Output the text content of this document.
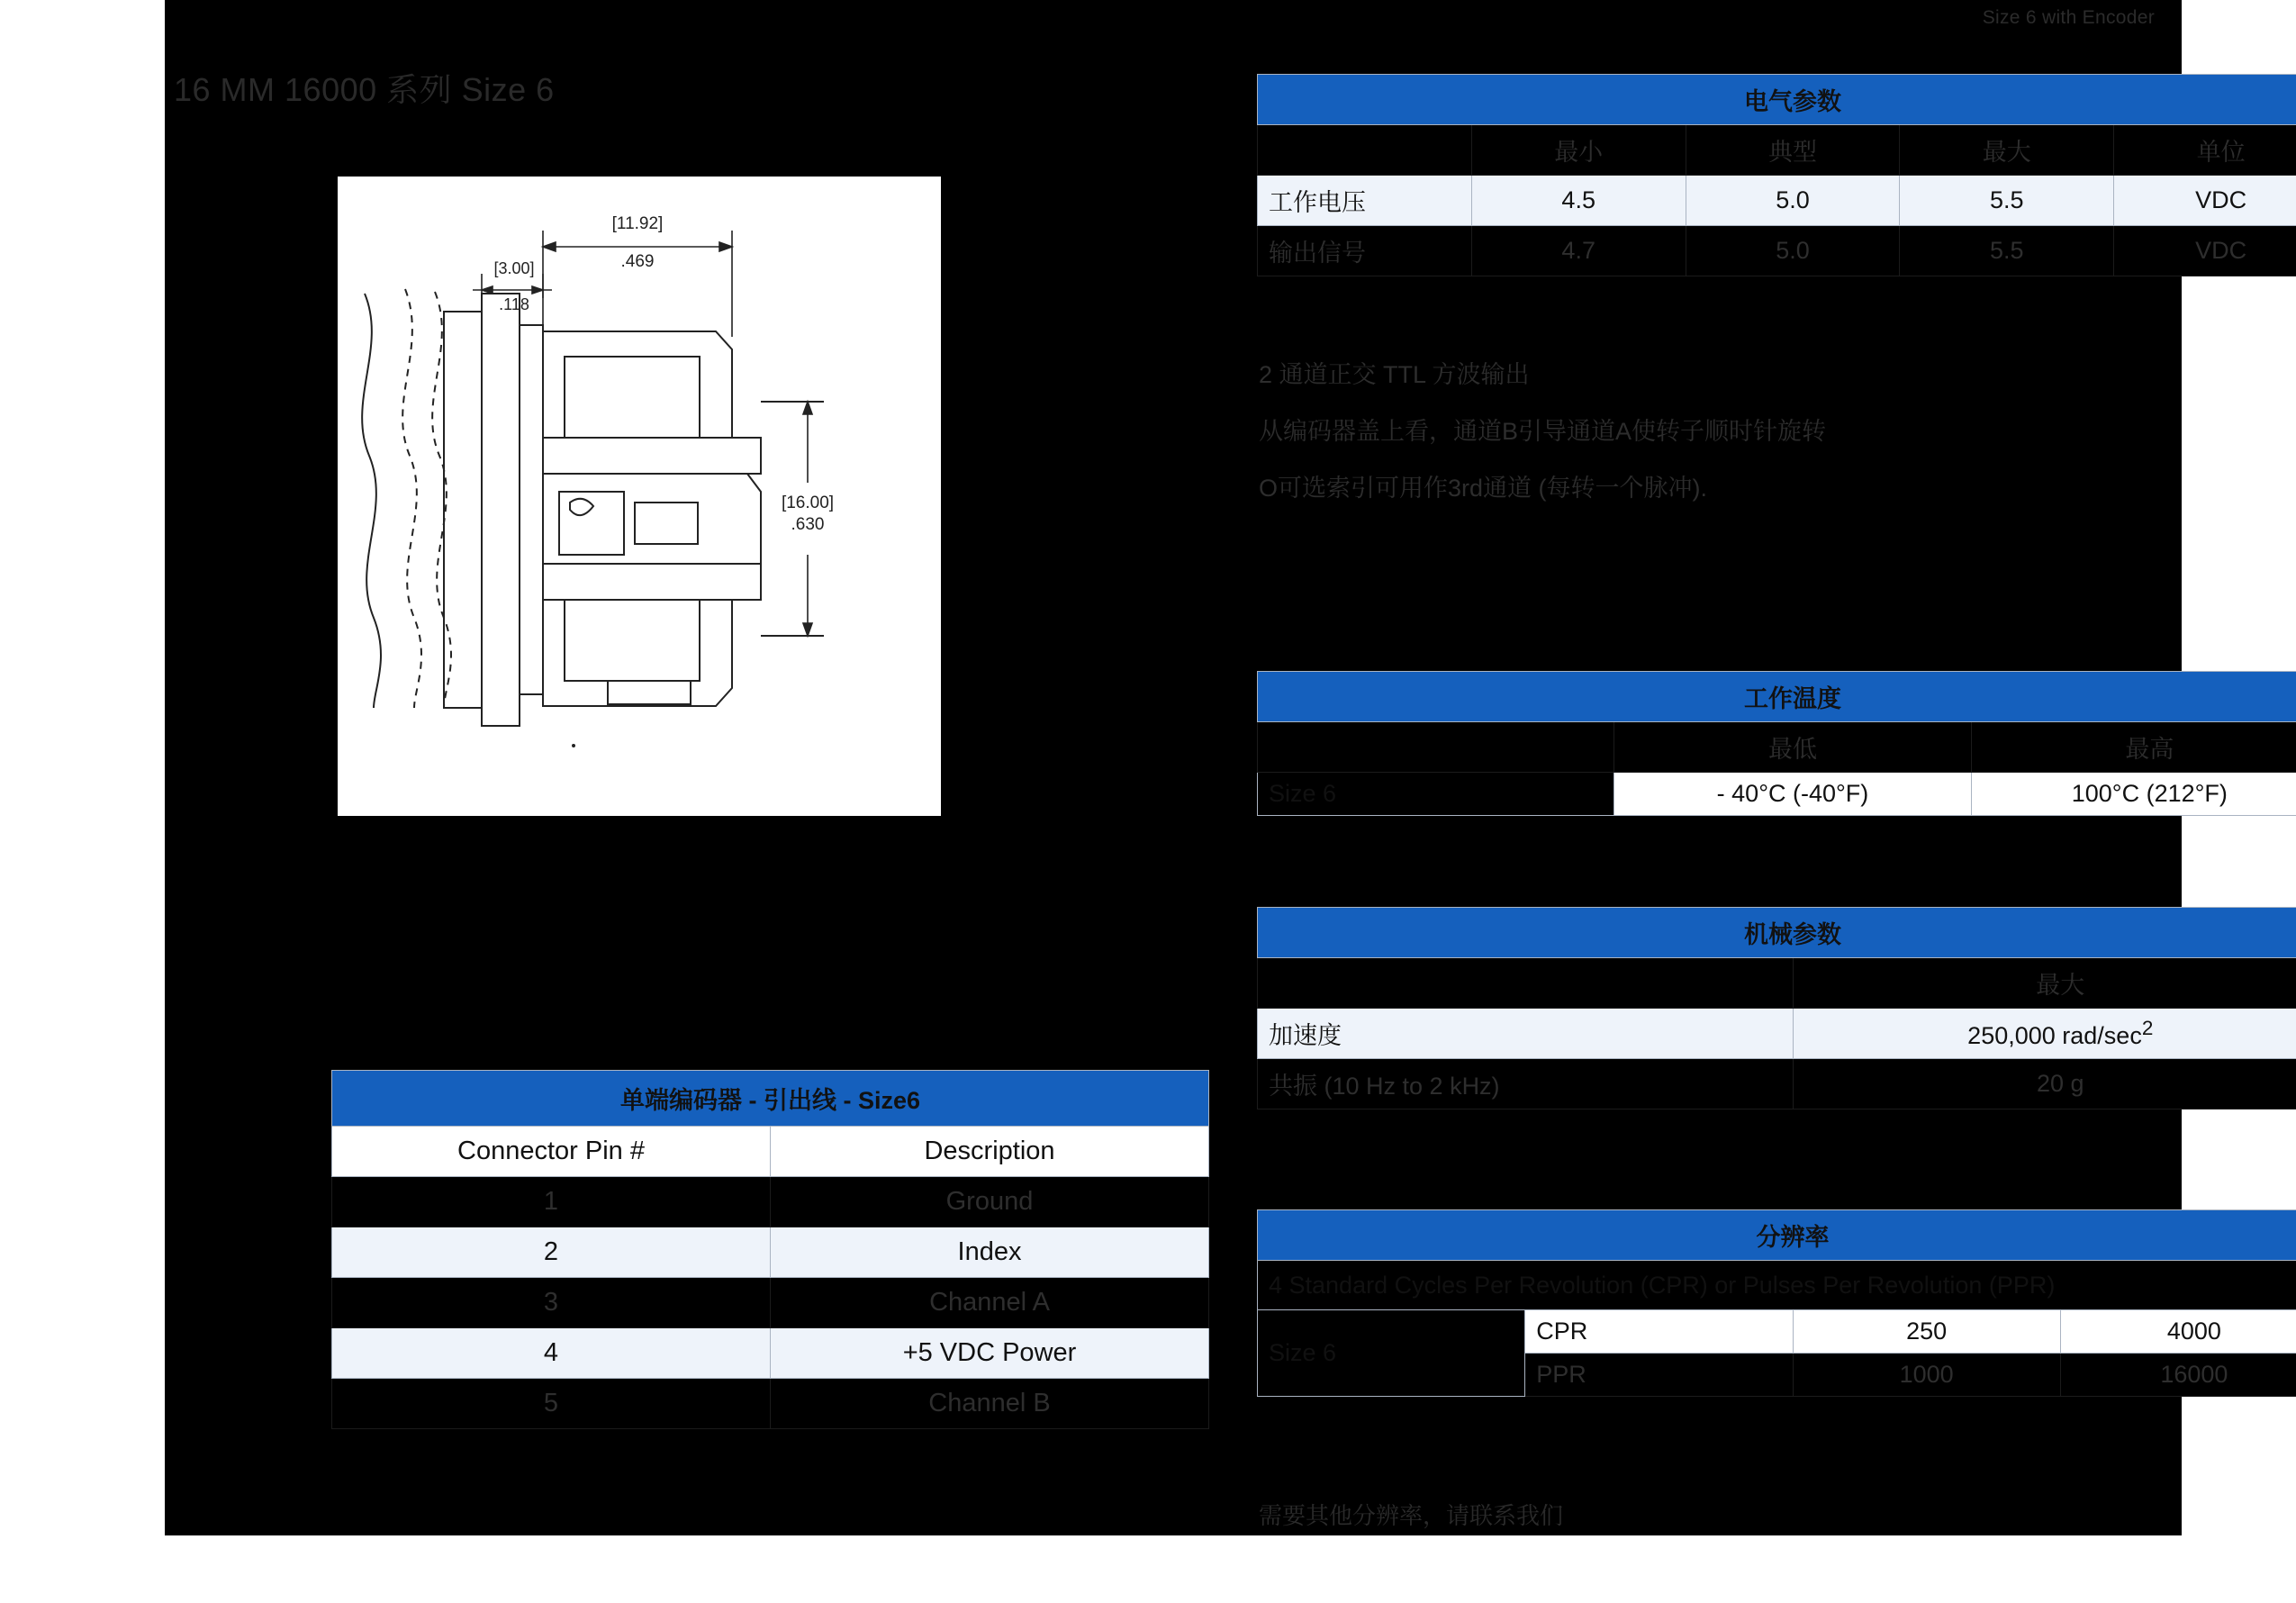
Size 6 with Encoder
16 MM 16000 系列 Size 6
[11.92]
.469
[3.00]
.118
[16.00]
.630
电气参数				
	最小	典型	最大	单位
工作电压	4.5	5.0	5.5	VDC
输出信号	4.7	5.0	5.5	VDC
2 通道正交 TTL 方波输出
从编码器盖上看，通道B引导通道A使转子顺时针旋转
O可选索引可用作3rd通道 (每转一个脉冲).
工作温度		
	最低	最高
Size 6	- 40°C (-40°F)	100°C (212°F)
机械参数	
	最大
加速度	250,000 rad/$\sec^2$
共振 (10 Hz to 2 kHz)	20 g
分辨率			
4 Standard Cycles Per Revolution (CPR) or Pulses Per Revolution (PPR)			
Size 6	CPR	250	4000
	PPR	1000	16000
需要其他分辨率，请联系我们
单端编码器 - 引出线 - Size6	
Connector Pin #	Description
1	Ground
2	Index
3	Channel A
4	+5 VDC Power
5	Channel B
